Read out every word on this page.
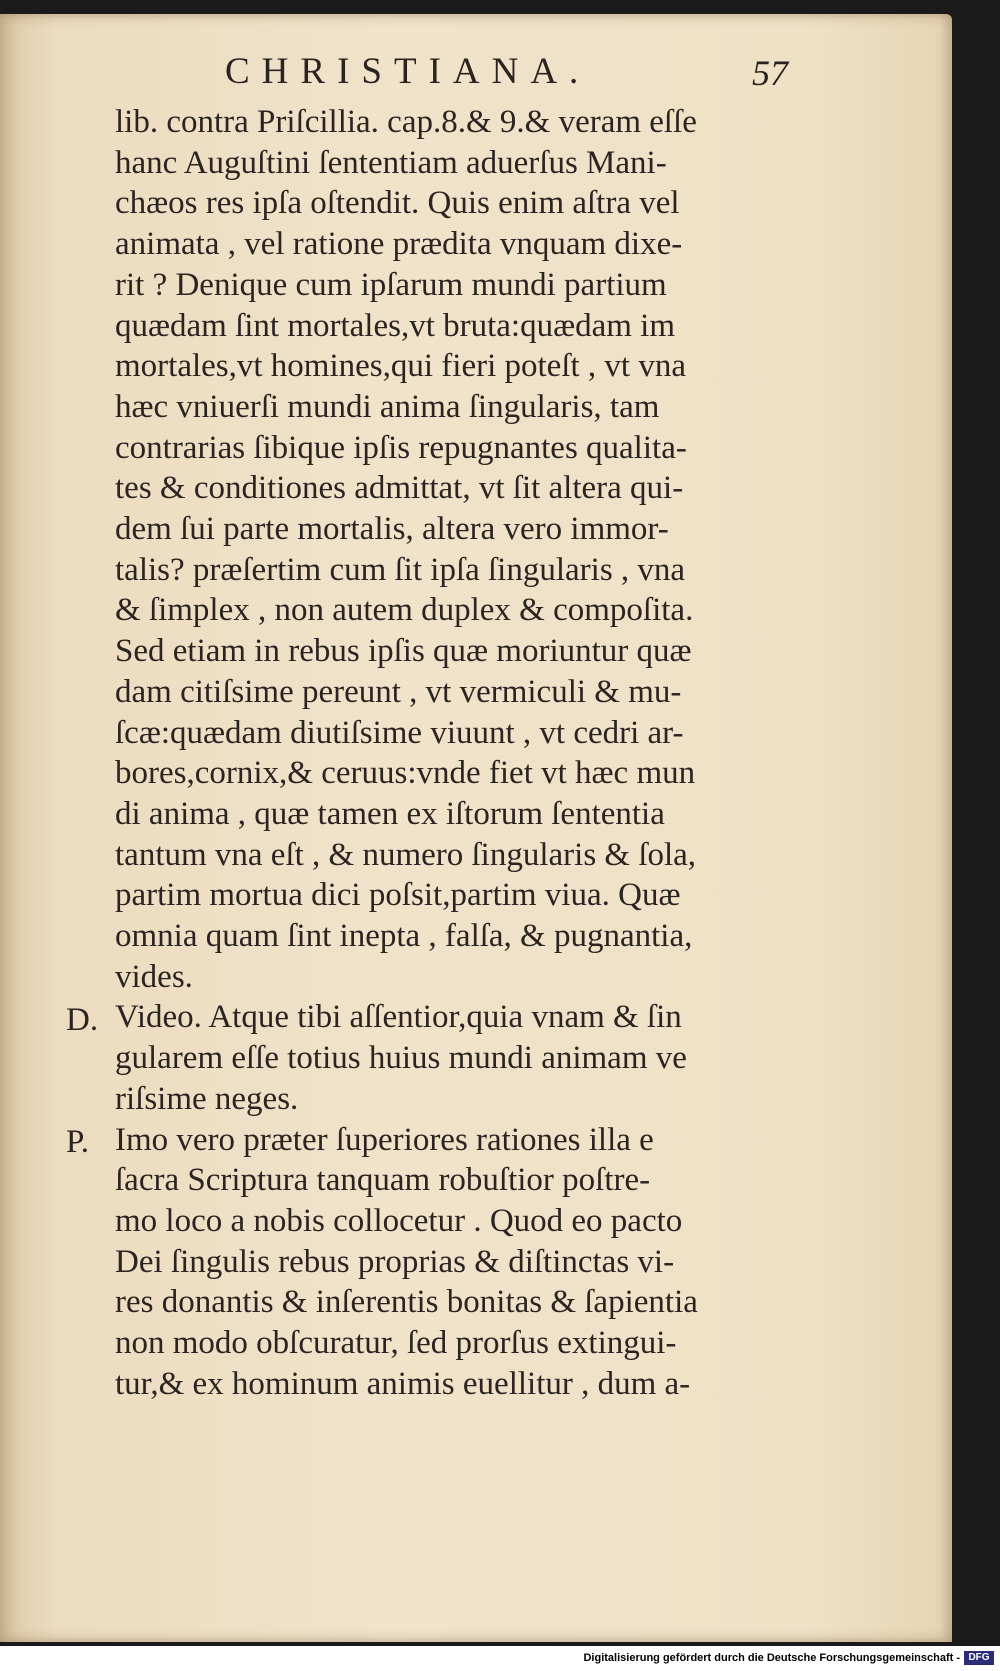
CHRISTIANA.	57
lib. contra Priſcillia. cap.8.& 9.& veram eſſe
hanc Auguſtini ſententiam aduerſus Mani-
chæos res ipſa oſtendit. Quis enim aſtra vel
animata , vel ratione prædita vnquam dixe-
rit ? Denique cum ipſarum mundi partium
quædam ſint mortales,vt bruta:quædam im
mortales,vt homines,qui fieri poteſt , vt vna
hæc vniuerſi mundi anima ſingularis, tam
contrarias ſibique ipſis repugnantes qualita-
tes & conditiones admittat, vt ſit altera qui-
dem ſui parte mortalis, altera vero immor-
talis? præſertim cum ſit ipſa ſingularis , vna
& ſimplex , non autem duplex & compoſita.
Sed etiam in rebus ipſis quæ moriuntur quæ
dam citiſsime pereunt , vt vermiculi & mu-
ſcæ:quædam diutiſsime viuunt , vt cedri ar-
bores,cornix,& ceruus:vnde fiet vt hæc mun
di anima , quæ tamen ex iſtorum ſententia
tantum vna eſt , & numero ſingularis & ſola,
partim mortua dici poſsit,partim viua. Quæ
omnia quam ſint inepta , falſa, & pugnantia,
vides.
Video. Atque tibi aſſentior,quia vnam & ſin
gularem eſſe totius huius mundi animam ve
riſsime neges.
Imo vero præter ſuperiores rationes illa e
ſacra Scriptura tanquam robuſtior poſtre-
mo loco a nobis collocetur . Quod eo pacto
Dei ſingulis rebus proprias & diſtinctas vi-
res donantis & inſerentis bonitas & ſapientia
non modo obſcuratur, ſed prorſus extingui-
tur,& ex hominum animis euellitur , dum a-
D.
P.
Digitalisierung gefördert durch die Deutsche Forschungsgemeinschaft - DFG
